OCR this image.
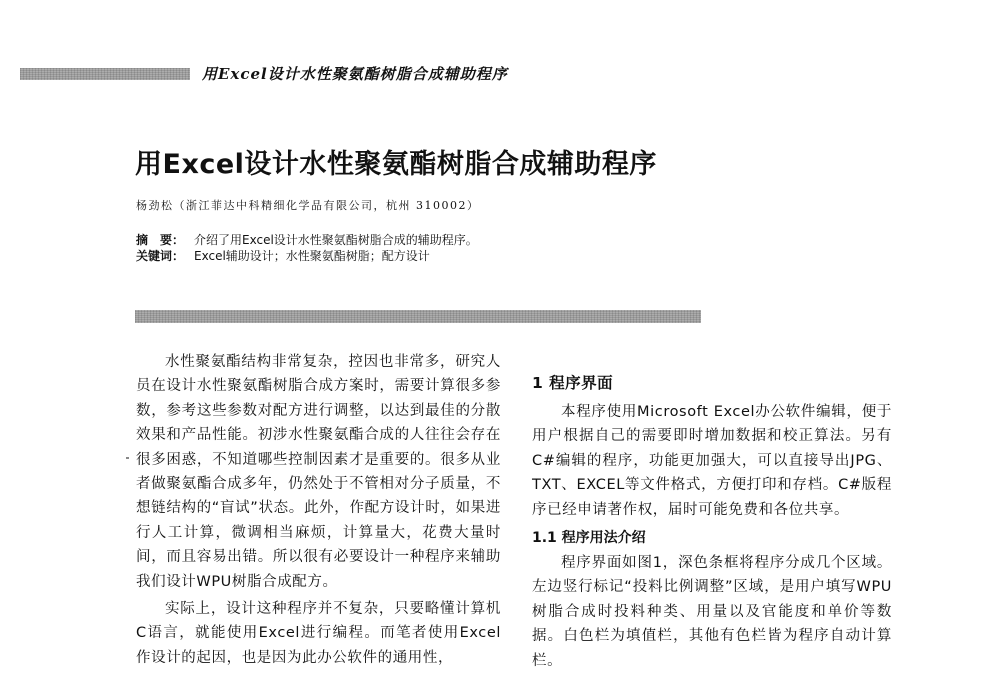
用Excel设计水性聚氨酯树脂合成辅助程序
用Excel设计水性聚氨酯树脂合成辅助程序
杨劲松（浙江菲达中科精细化学品有限公司，杭州 310002）
摘　要： 介绍了用Excel设计水性聚氨酯树脂合成的辅助程序。
关键词： Excel辅助设计；水性聚氨酯树脂；配方设计

水性聚氨酯结构非常复杂，控因也非常多，研究人员在设计水性聚氨酯树脂合成方案时，需要计算很多参数，参考这些参数对配方进行调整，以达到最佳的分散效果和产品性能。初涉水性聚氨酯合成的人往往会存在很多困惑，不知道哪些控制因素才是重要的。很多从业者做聚氨酯合成多年，仍然处于不管相对分子质量，不想链结构的“盲试”状态。此外，作配方设计时，如果进行人工计算，微调相当麻烦，计算量大，花费大量时间，而且容易出错。所以很有必要设计一种程序来辅助我们设计WPU树脂合成配方。

实际上，设计这种程序并不复杂，只要略懂计算机C语言，就能使用Excel进行编程。而笔者使用Excel作设计的起因，也是因为此办公软件的通用性，

1 程序界面

本程序使用Microsoft Excel办公软件编辑，便于用户根据自己的需要即时增加数据和校正算法。另有C#编辑的程序，功能更加强大，可以直接导出JPG、TXT、EXCEL等文件格式，方便打印和存档。C#版程序已经申请著作权，届时可能免费和各位共享。

1.1 程序用法介绍

程序界面如图1，深色条框将程序分成几个区域。左边竖行标记“投料比例调整”区域，是用户填写WPU树脂合成时投料种类、用量以及官能度和单价等数据。白色栏为填值栏，其他有色栏皆为程序自动计算栏。
